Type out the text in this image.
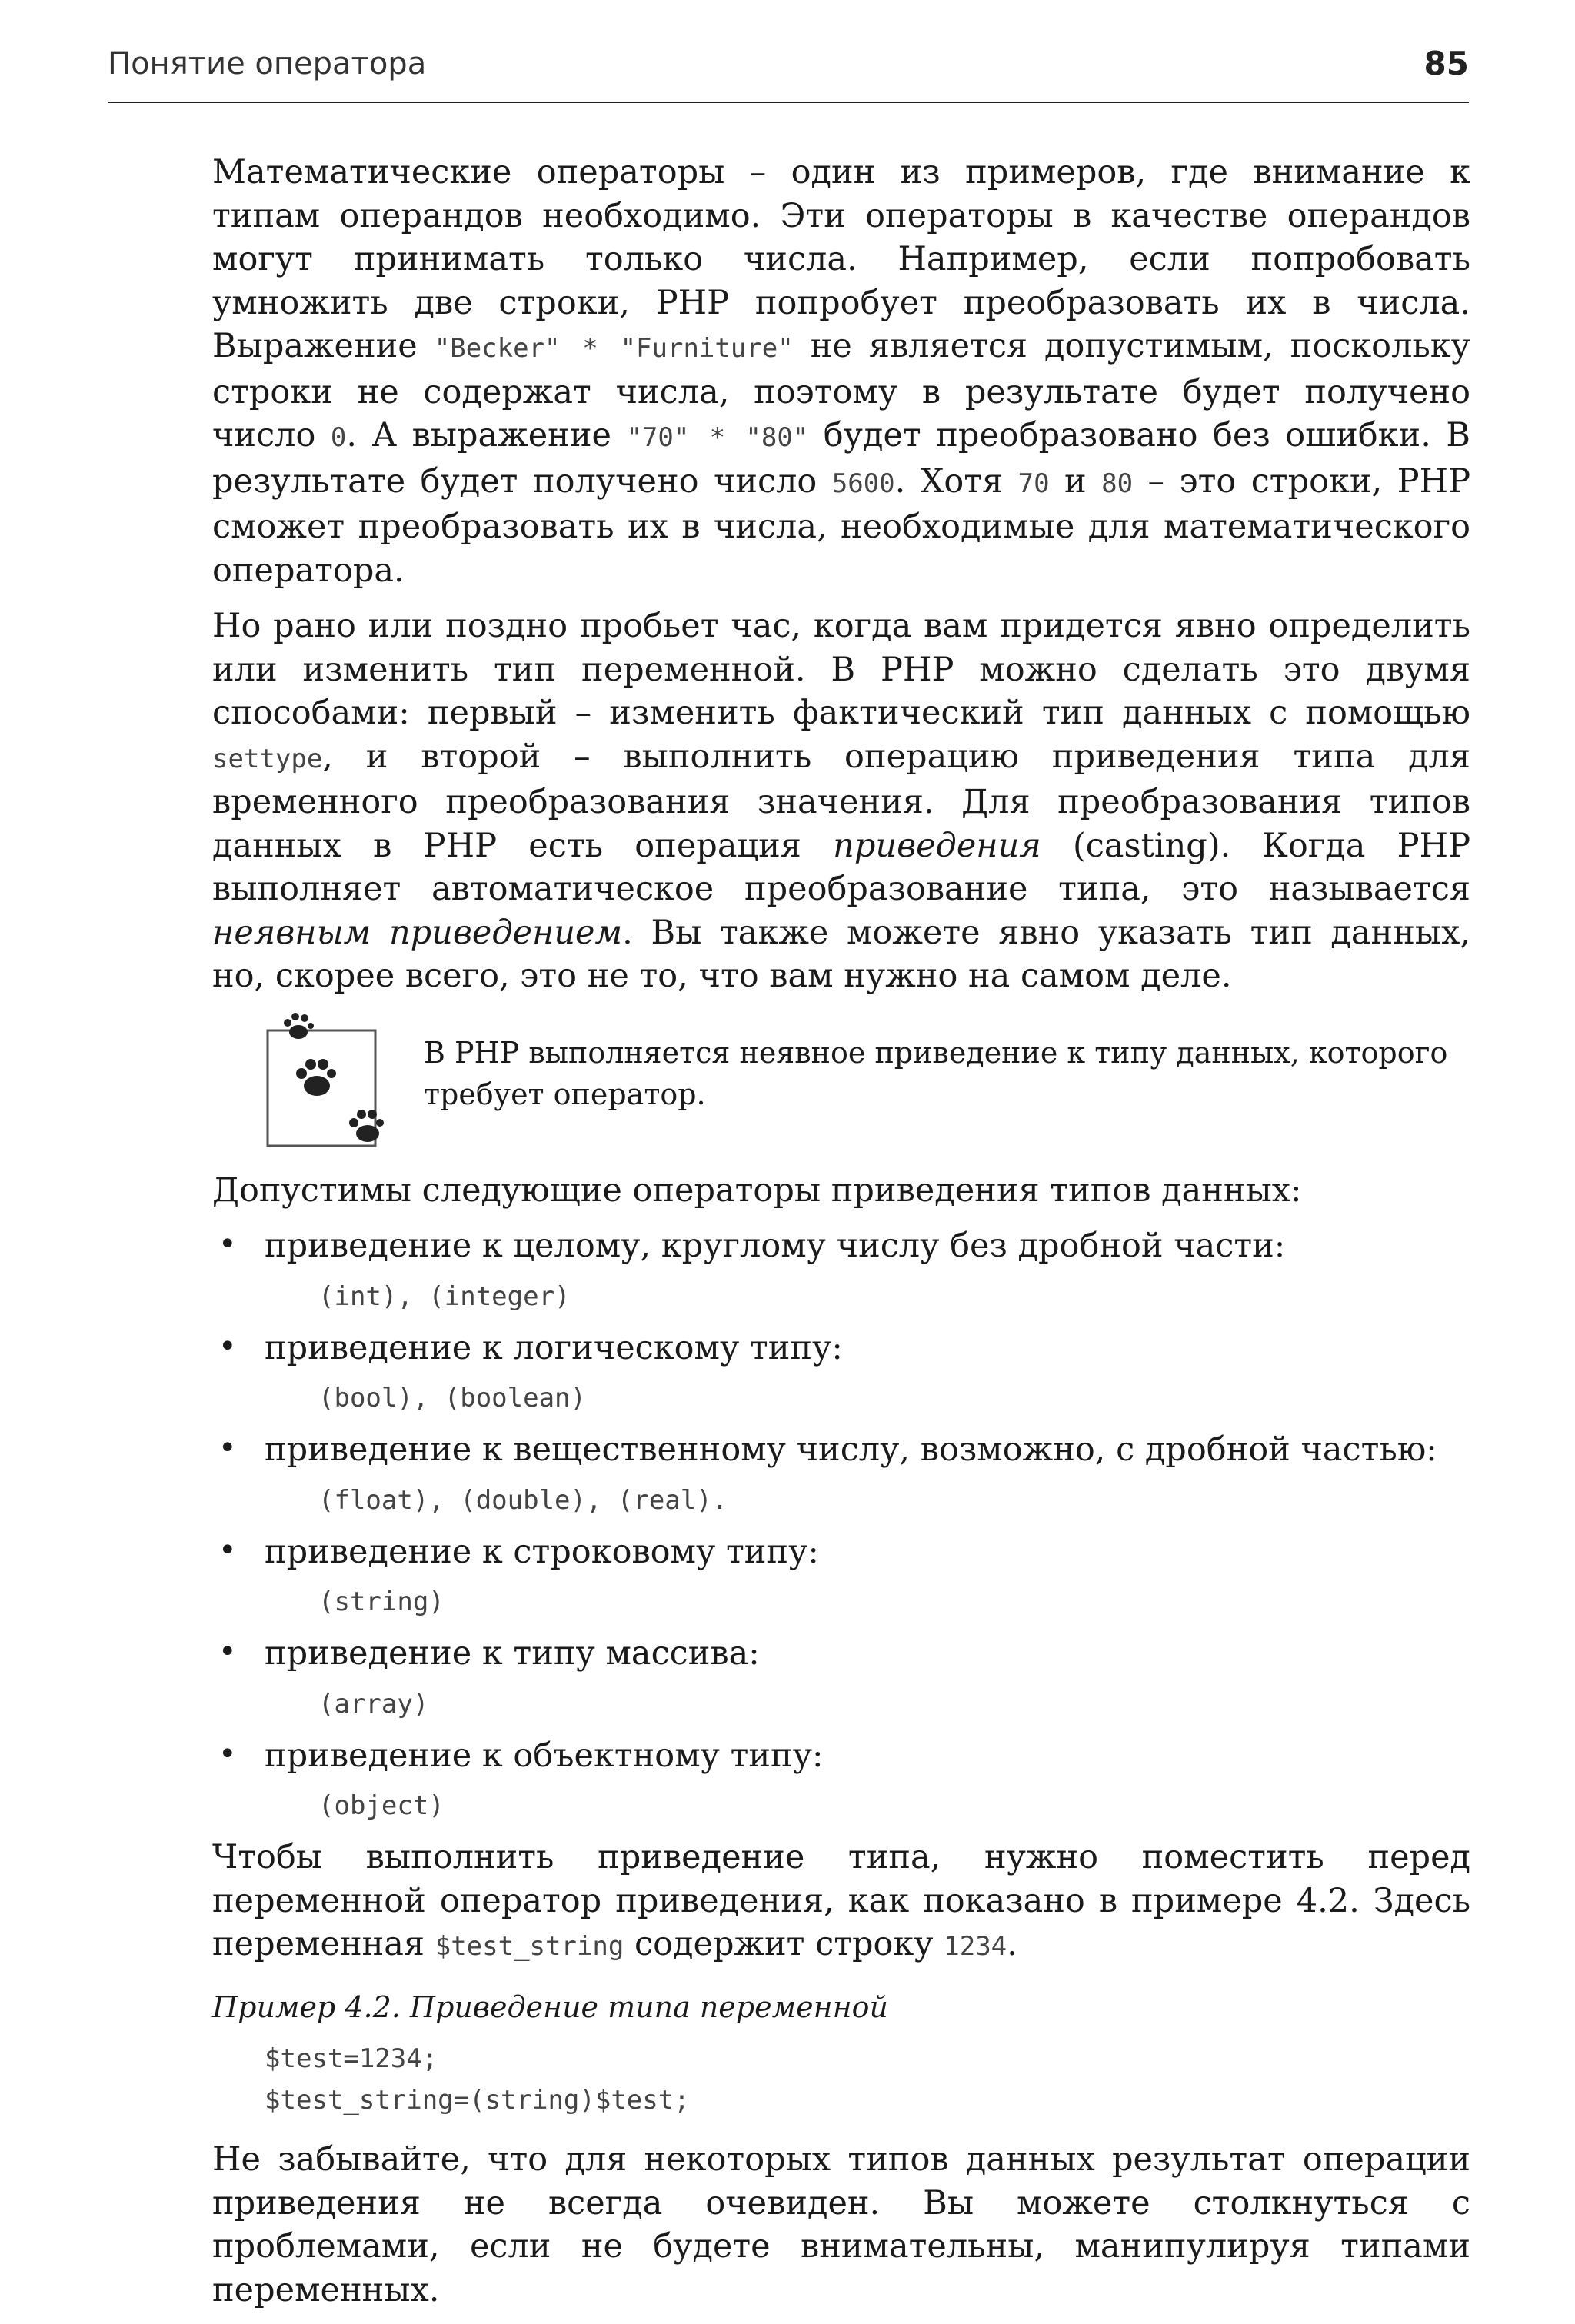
Понятие оператора	85

Математические операторы – один из примеров, где внимание к типам операндов необходимо. Эти операторы в качестве операндов могут принимать только числа. Например, если попробовать умножить две строки, PHP попробует преобразовать их в числа. Выражение "Becker" * "Furniture" не является допустимым, поскольку строки не содержат числа, поэтому в результате будет получено число 0. А выражение "70" * "80" будет преобразовано без ошибки. В результате будет получено число 5600. Хотя 70 и 80 – это строки, PHP сможет преобразовать их в числа, необходимые для математического оператора.

Но рано или поздно пробьет час, когда вам придется явно определить или изменить тип переменной. В PHP можно сделать это двумя способами: первый – изменить фактический тип данных с помощью settype, и второй – выполнить операцию приведения типа для временного преобразования значения. Для преобразования типов данных в PHP есть операция приведения (casting). Когда PHP выполняет автоматическое преобразование типа, это называется неявным приведением. Вы также можете явно указать тип данных, но, скорее всего, это не то, что вам нужно на самом деле.

В PHP выполняется неявное приведение к типу данных, которого требует оператор.

Допустимы следующие операторы приведения типов данных:

• приведение к целому, круглому числу без дробной части:
(int), (integer)
• приведение к логическому типу:
(bool), (boolean)
• приведение к вещественному числу, возможно, с дробной частью:
(float), (double), (real).
• приведение к строковому типу:
(string)
• приведение к типу массива:
(array)
• приведение к объектному типу:
(object)

Чтобы выполнить приведение типа, нужно поместить перед переменной оператор приведения, как показано в примере 4.2. Здесь переменная $test_string содержит строку 1234.

Пример 4.2. Приведение типа переменной
$test=1234;
$test_string=(string)$test;

Не забывайте, что для некоторых типов данных результат операции приведения не всегда очевиден. Вы можете столкнуться с проблемами, если не будете внимательны, манипулируя типами переменных.
